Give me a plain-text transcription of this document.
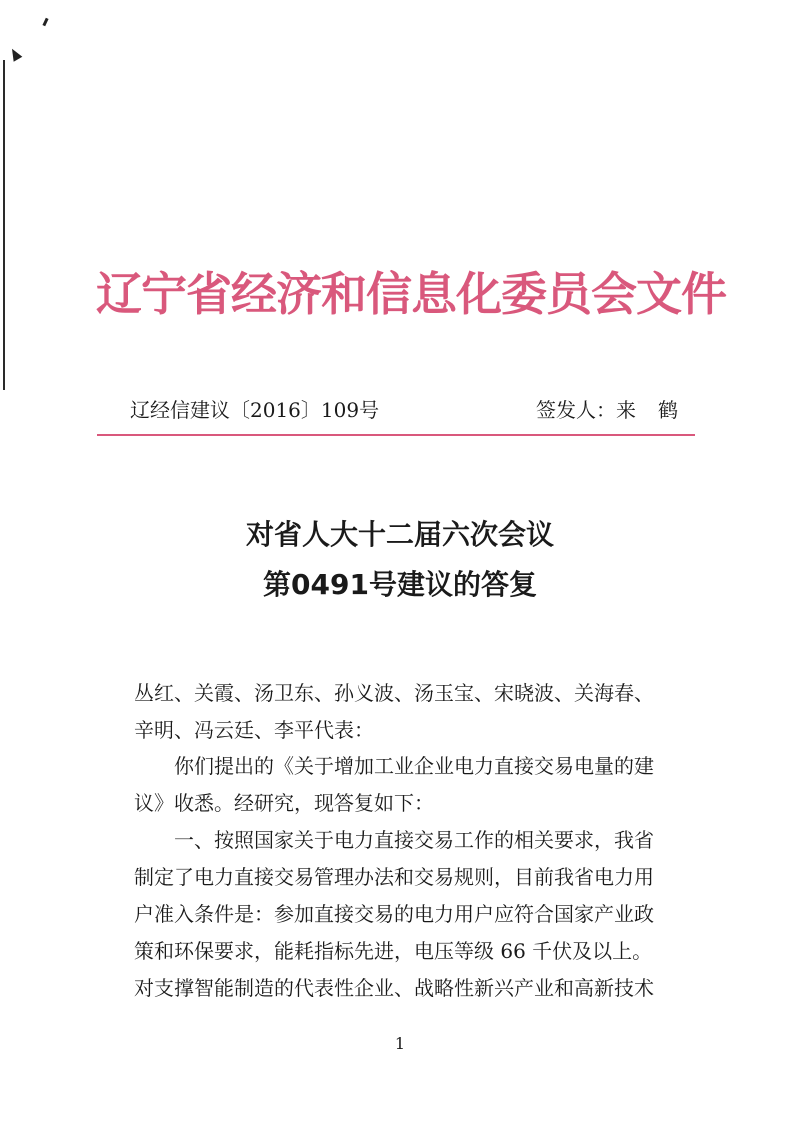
辽宁省经济和信息化委员会文件
辽经信建议〔2016〕109号	签发人：来鹤
对省人大十二届六次会议
第0491号建议的答复
丛红、关霞、汤卫东、孙义波、汤玉宝、宋晓波、关海春、
辛明、冯云廷、李平代表：
　　你们提出的《关于增加工业企业电力直接交易电量的建
议》收悉。经研究，现答复如下：
　　一、按照国家关于电力直接交易工作的相关要求，我省
制定了电力直接交易管理办法和交易规则，目前我省电力用
户准入条件是：参加直接交易的电力用户应符合国家产业政
策和环保要求，能耗指标先进，电压等级 66 千伏及以上。
对支撑智能制造的代表性企业、战略性新兴产业和高新技术
1
